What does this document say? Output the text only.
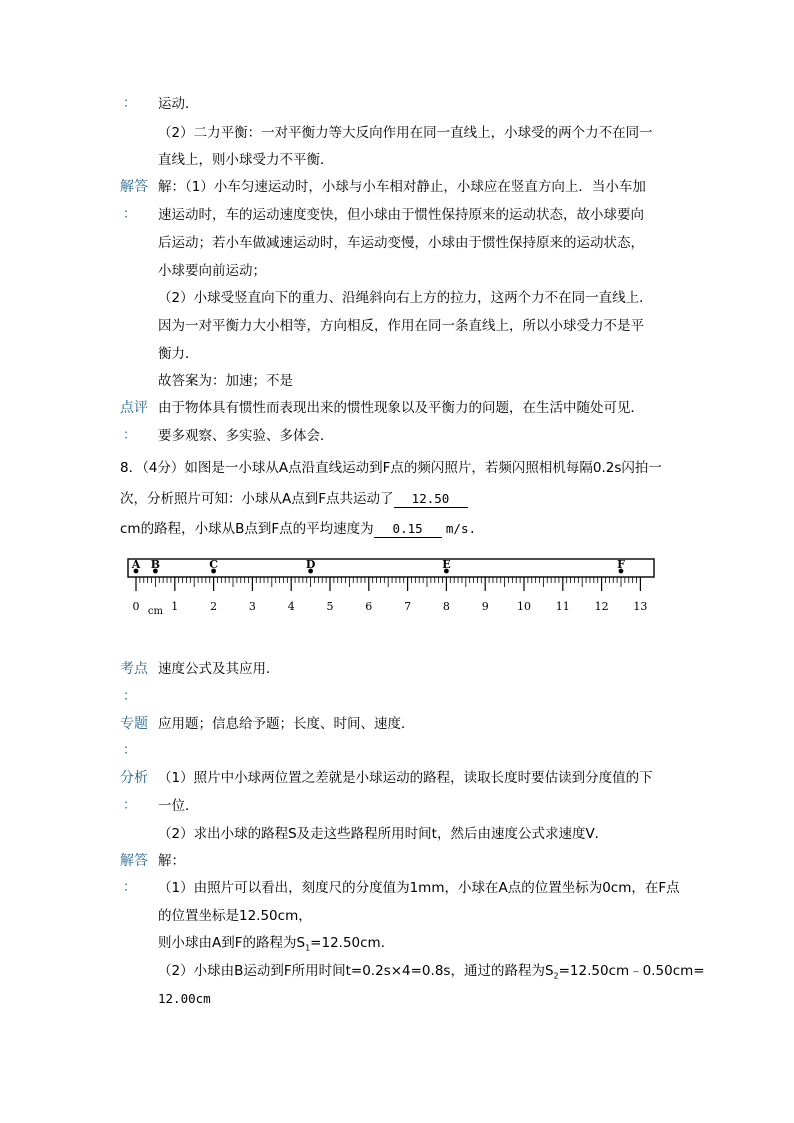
： 运动．
（2）二力平衡：一对平衡力等大反向作用在同一直线上，小球受的两个力不在同一
直线上，则小球受力不平衡．
解答 解：（1）小车匀速运动时，小球与小车相对静止，小球应在竖直方向上．当小车加
： 速运动时，车的运动速度变快，但小球由于惯性保持原来的运动状态，故小球要向
后运动；若小车做减速运动时，车运动变慢，小球由于惯性保持原来的运动状态，
小球要向前运动；
（2）小球受竖直向下的重力、沿绳斜向右上方的拉力，这两个力不在同一直线上．
因为一对平衡力大小相等，方向相反，作用在同一条直线上，所以小球受力不是平
衡力．
故答案为：加速；不是
点评 由于物体具有惯性而表现出来的惯性现象以及平衡力的问题，在生活中随处可见．
： 要多观察、多实验、多体会．
8．（4分）如图是一小球从A点沿直线运动到F点的频闪照片，若频闪照相机每隔0.2s闪拍一
次，分析照片可知：小球从A点到F点共运动了 12.50
cm的路程，小球从B点到F点的平均速度为 0.15 m/s.
A B	C	D	E	F
0	1	2	3	4	5	6	7	8	9	10 11 12 13
cm
考点 速度公式及其应用．
：
专题 应用题；信息给予题；长度、时间、速度．
：
分析 （1）照片中小球两位置之差就是小球运动的路程，读取长度时要估读到分度值的下
： 一位．
（2）求出小球的路程S及走这些路程所用时间t，然后由速度公式求速度V．
解答 解：
： （1）由照片可以看出，刻度尺的分度值为1mm，小球在A点的位置坐标为0cm，在F点
的位置坐标是12.50cm，
则小球由A到F的路程为$S_1=12.50cm$．
（2）小球由B运动到F所用时间t=0.2s×4=0.8s，通过的路程为$S_2=12.50cm﹣0.50cm=$
12.00cm
